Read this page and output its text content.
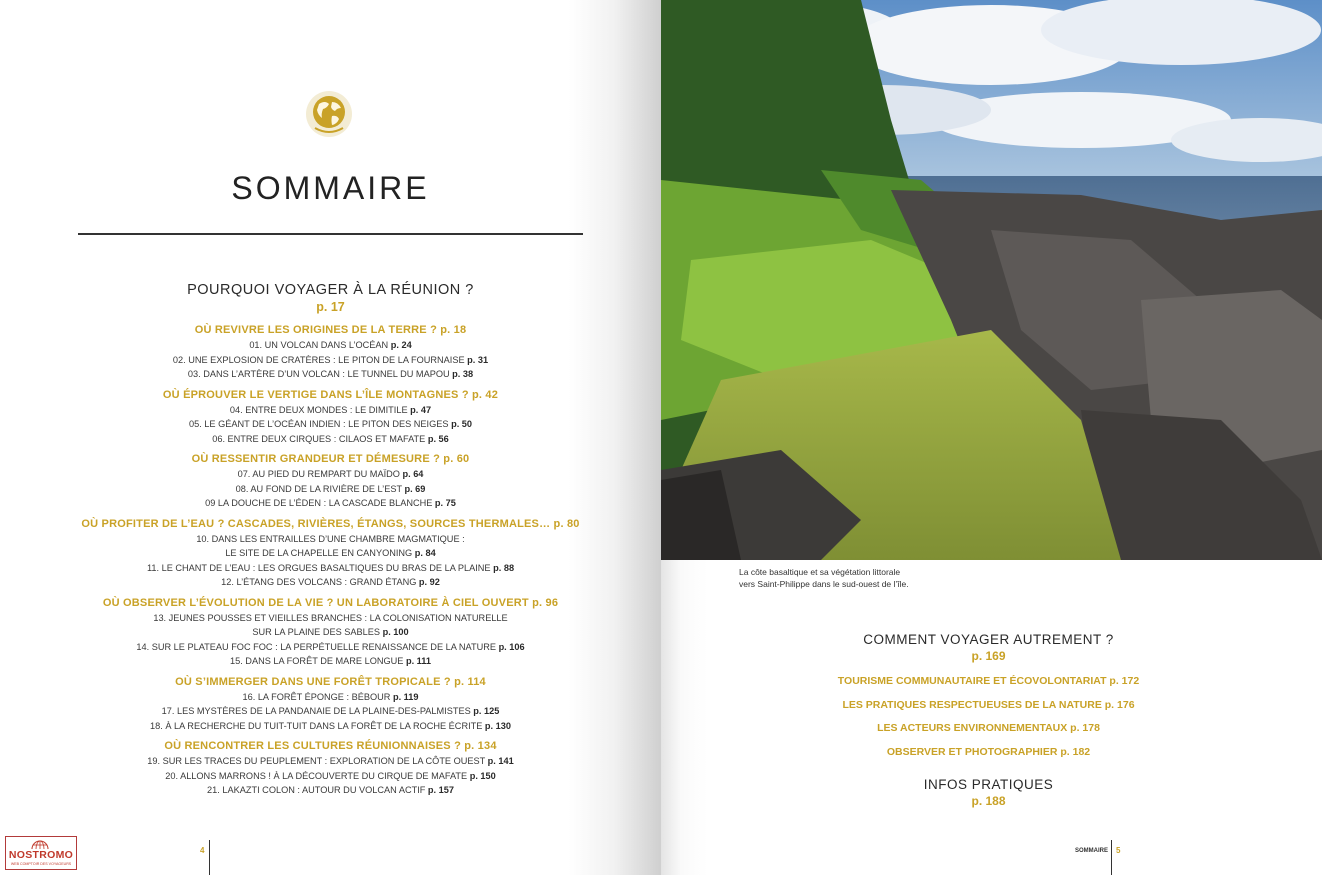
SOMMAIRE
POURQUOI VOYAGER À LA RÉUNION ?
p. 17
OÙ REVIVRE LES ORIGINES DE LA TERRE ? p. 18
01. UN VOLCAN DANS L’OCÉAN p. 24
02. UNE EXPLOSION DE CRATÈRES : LE PITON DE LA FOURNAISE p. 31
03. DANS L’ARTÈRE D’UN VOLCAN : LE TUNNEL DU MAPOU p. 38
OÙ ÉPROUVER LE VERTIGE DANS L’ÎLE MONTAGNES ? p. 42
04. ENTRE DEUX MONDES : LE DIMITILE p. 47
05. LE GÉANT DE L’OCÉAN INDIEN : LE PITON DES NEIGES p. 50
06. ENTRE DEUX CIRQUES : CILAOS ET MAFATE p. 56
OÙ RESSENTIR GRANDEUR ET DÉMESURE ? p. 60
07. AU PIED DU REMPART DU MAÏDO p. 64
08. AU FOND DE LA RIVIÈRE DE L’EST p. 69
09 LA DOUCHE DE L’ÉDEN : LA CASCADE BLANCHE p. 75
OÙ PROFITER DE L’EAU ? CASCADES, RIVIÈRES, ÉTANGS, SOURCES THERMALES… p. 80
10. DANS LES ENTRAILLES D’UNE CHAMBRE MAGMATIQUE :
LE SITE DE LA CHAPELLE EN CANYONING p. 84
11. LE CHANT DE L’EAU : LES ORGUES BASALTIQUES DU BRAS DE LA PLAINE p. 88
12. L’ÉTANG DES VOLCANS : GRAND ÉTANG p. 92
OÙ OBSERVER L’ÉVOLUTION DE LA VIE ? UN LABORATOIRE À CIEL OUVERT p. 96
13. JEUNES POUSSES ET VIEILLES BRANCHES : LA COLONISATION NATURELLE
SUR LA PLAINE DES SABLES p. 100
14. SUR LE PLATEAU FOC FOC : LA PERPÉTUELLE RENAISSANCE DE LA NATURE p. 106
15. DANS LA FORÊT DE MARE LONGUE p. 111
OÙ S’IMMERGER DANS UNE FORÊT TROPICALE ? p. 114
16. LA FORÊT ÉPONGE : BÉBOUR p. 119
17. LES MYSTÈRES DE LA PANDANAIE DE LA PLAINE-DES-PALMISTES p. 125
18. À LA RECHERCHE DU TUIT-TUIT DANS LA FORÊT DE LA ROCHE ÉCRITE p. 130
OÙ RENCONTRER LES CULTURES RÉUNIONNAISES ? p. 134
19. SUR LES TRACES DU PEUPLEMENT : EXPLORATION DE LA CÔTE OUEST p. 141
20. ALLONS MARRONS ! À LA DÉCOUVERTE DU CIRQUE DE MAFATE p. 150
21. LAKAZTI COLON : AUTOUR DU VOLCAN ACTIF p. 157
NOSTROMO
WEB COMPTOIR DES VOYAGEURS
4
La côte basaltique et sa végétation littorale
vers Saint-Philippe dans le sud-ouest de l’île.
COMMENT VOYAGER AUTREMENT ?
p. 169
TOURISME COMMUNAUTAIRE ET ÉCOVOLONTARIAT p. 172
LES PRATIQUES RESPECTUEUSES DE LA NATURE p. 176
LES ACTEURS ENVIRONNEMENTAUX p. 178
OBSERVER ET PHOTOGRAPHIER p. 182
INFOS PRATIQUES
p. 188
SOMMAIRE 5
